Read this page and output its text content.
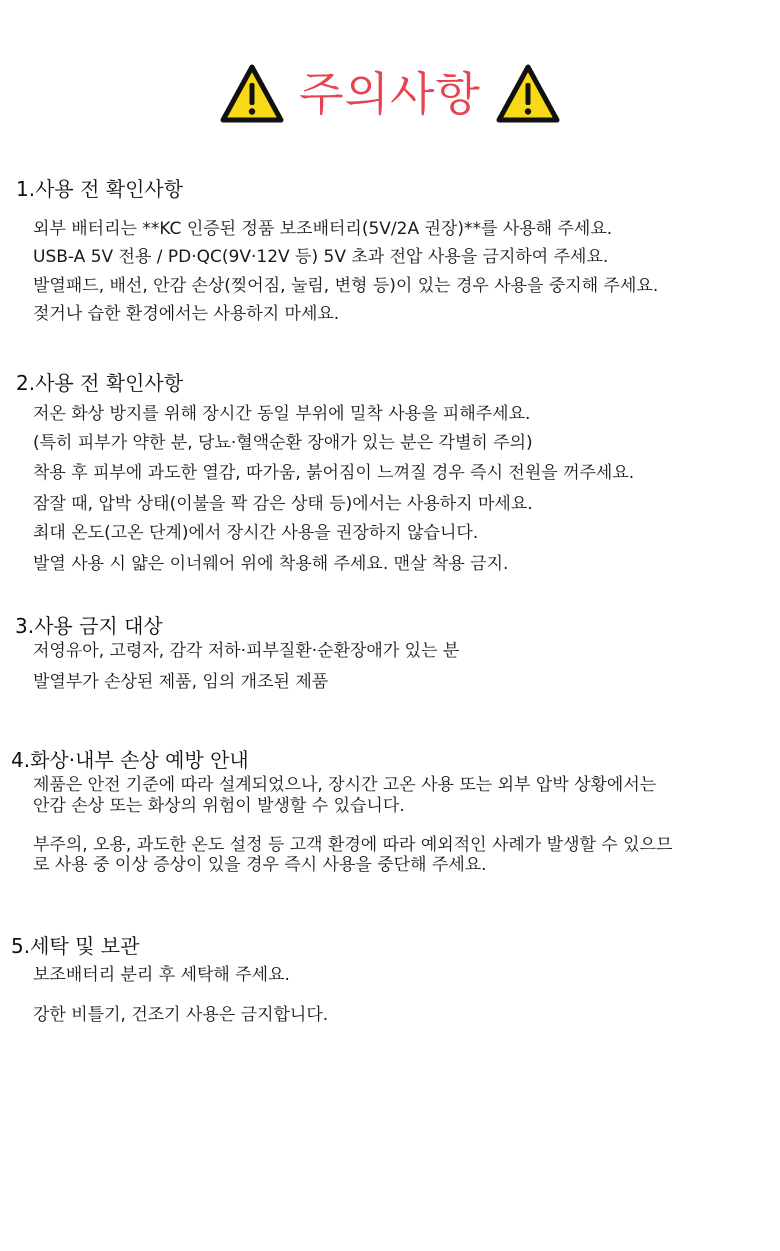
주의사항
1.사용 전 확인사항
외부 배터리는 **KC 인증된 정품 보조배터리(5V/2A 권장)**를 사용해 주세요.
USB-A 5V 전용 / PD·QC(9V·12V 등) 5V 초과 전압 사용을 금지하여 주세요.
발열패드, 배선, 안감 손상(찢어짐, 눌림, 변형 등)이 있는 경우 사용을 중지해 주세요.
젖거나 습한 환경에서는 사용하지 마세요.
2.사용 전 확인사항
저온 화상 방지를 위해 장시간 동일 부위에 밀착 사용을 피해주세요.
(특히 피부가 약한 분, 당뇨·혈액순환 장애가 있는 분은 각별히 주의)
착용 후 피부에 과도한 열감, 따가움, 붉어짐이 느껴질 경우 즉시 전원을 꺼주세요.
잠잘 때, 압박 상태(이불을 꽉 감은 상태 등)에서는 사용하지 마세요.
최대 온도(고온 단계)에서 장시간 사용을 권장하지 않습니다.
발열 사용 시 얇은 이너웨어 위에 착용해 주세요. 맨살 착용 금지.
3.사용 금지 대상
저영유아, 고령자, 감각 저하·피부질환·순환장애가 있는 분
발열부가 손상된 제품, 임의 개조된 제품
4.화상·내부 손상 예방 안내
제품은 안전 기준에 따라 설계되었으나, 장시간 고온 사용 또는 외부 압박 상황에서는
안감 손상 또는 화상의 위험이 발생할 수 있습니다.
부주의, 오용, 과도한 온도 설정 등 고객 환경에 따라 예외적인 사례가 발생할 수 있으므
로 사용 중 이상 증상이 있을 경우 즉시 사용을 중단해 주세요.
5.세탁 및 보관
보조배터리 분리 후 세탁해 주세요.
강한 비틀기, 건조기 사용은 금지합니다.
